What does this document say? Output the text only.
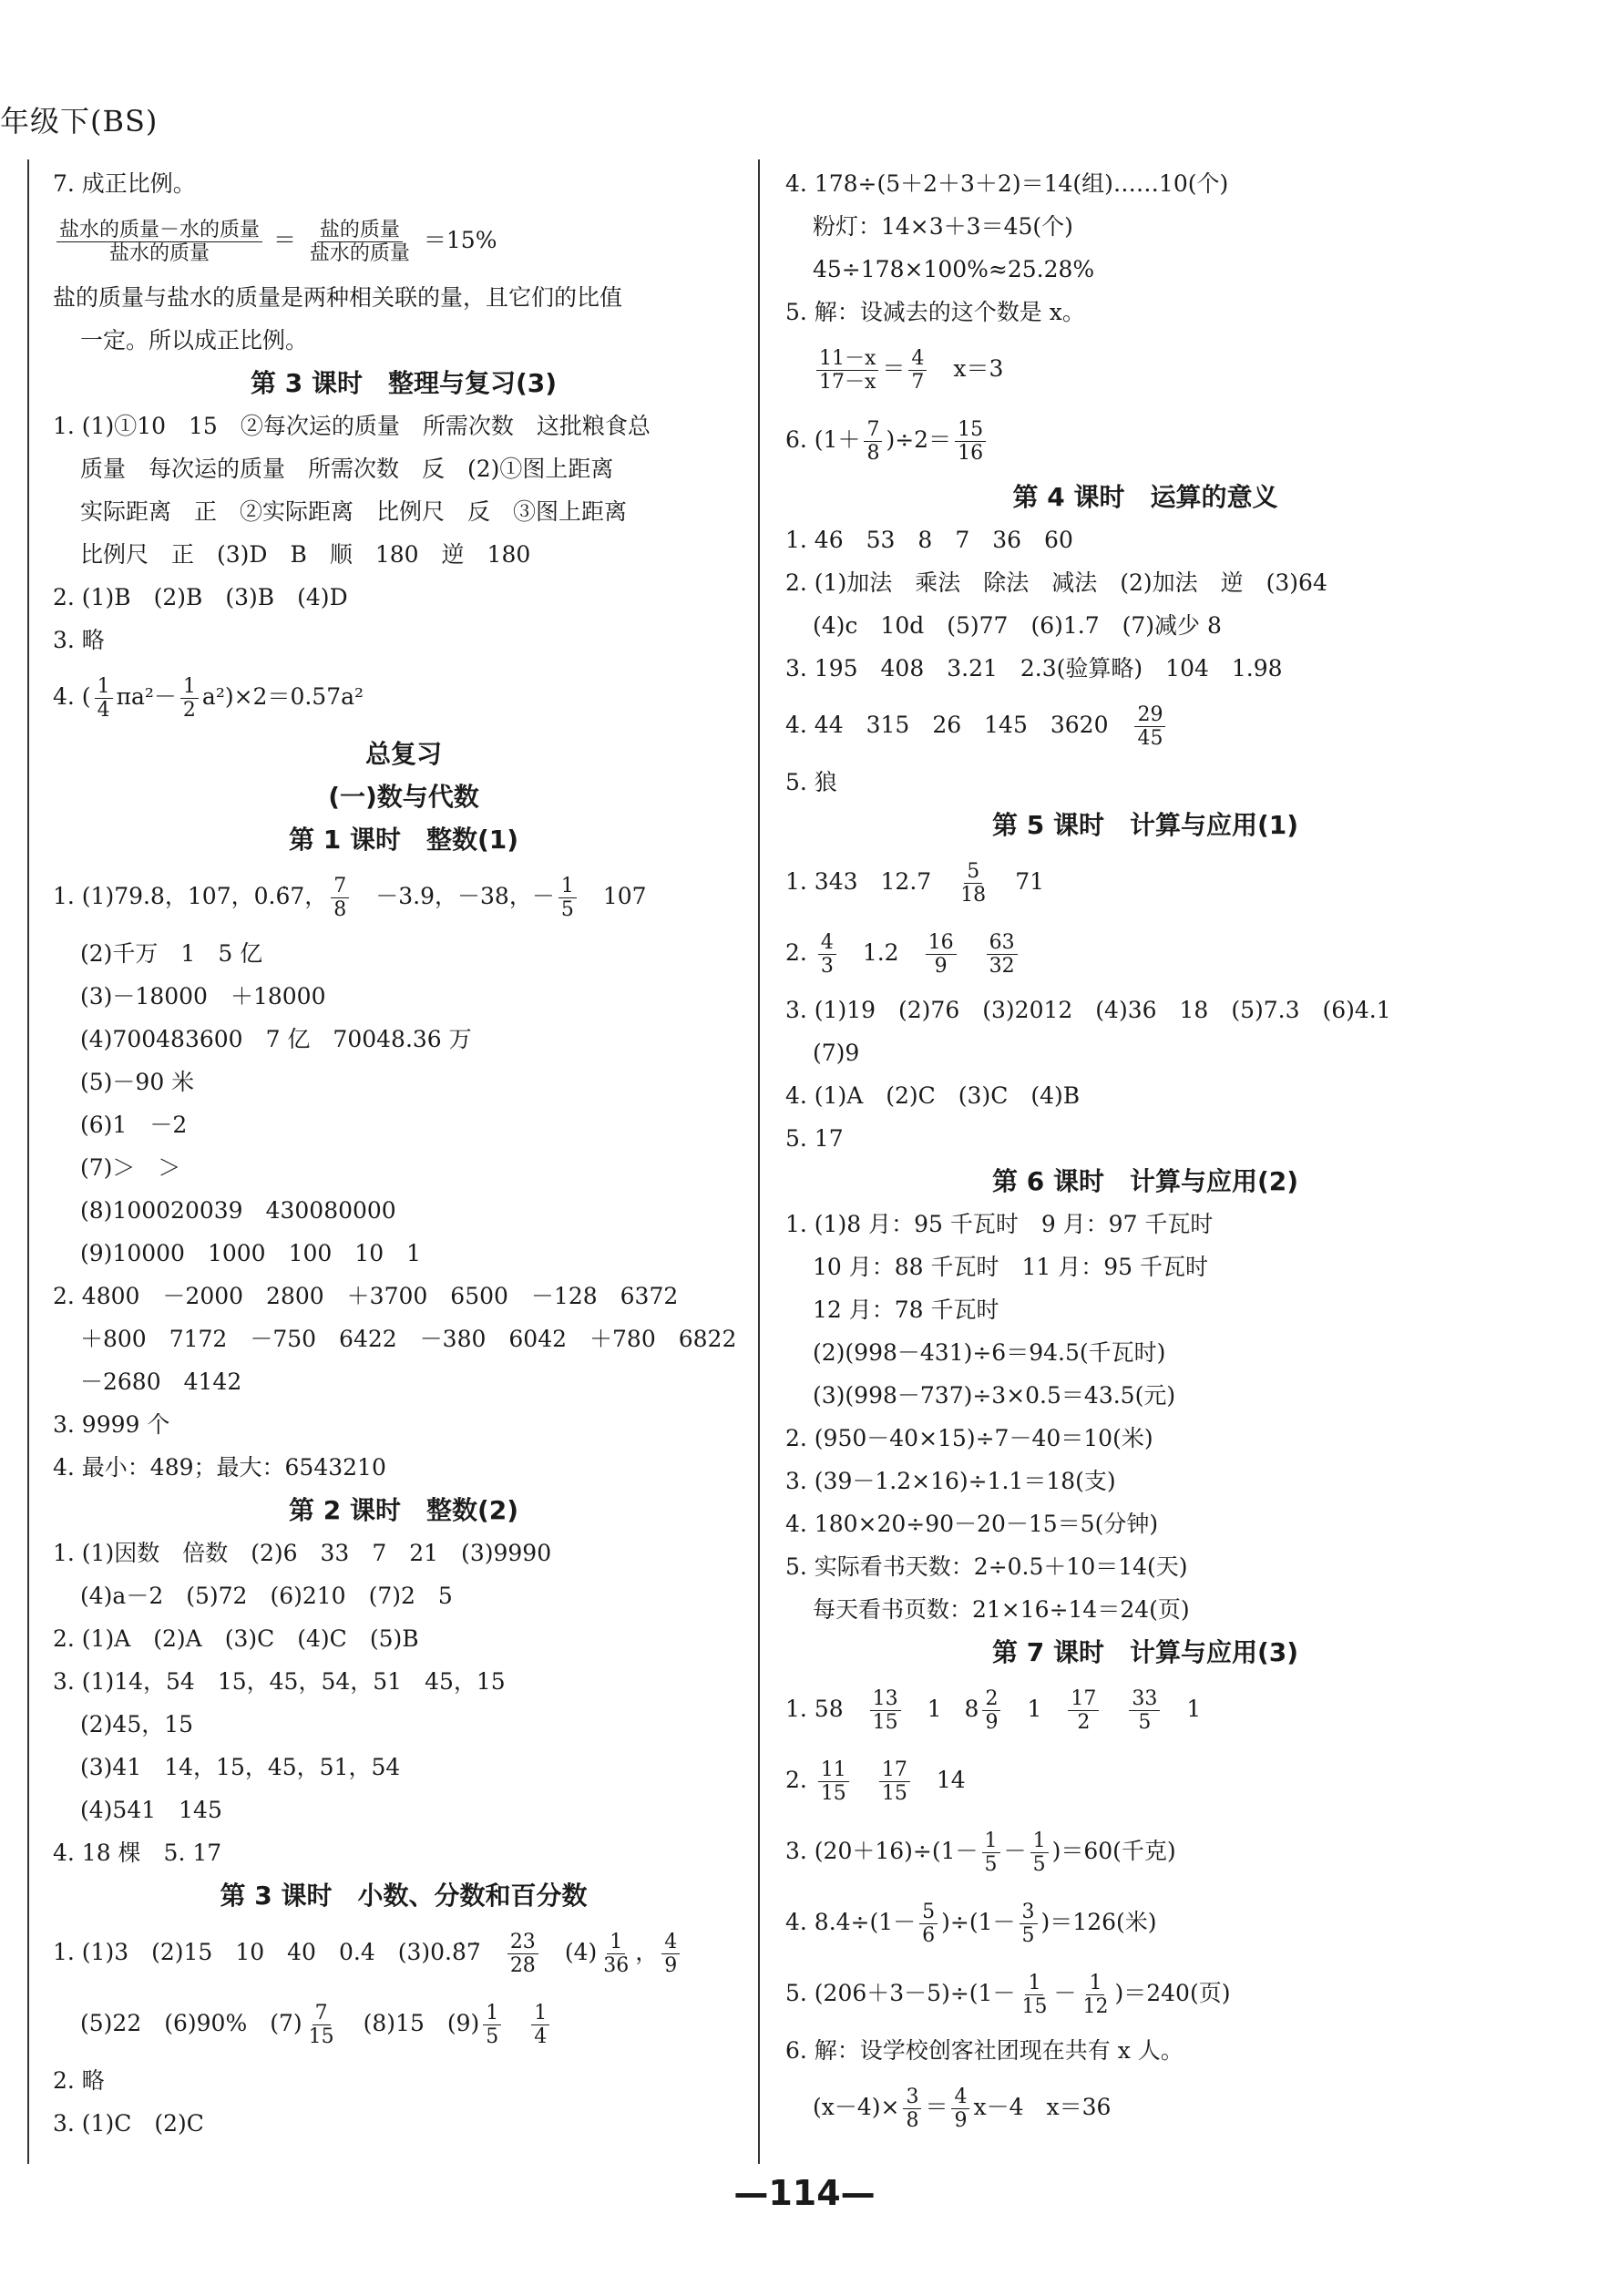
年级下(BS)
7. 成正比例。
盐水的质量－水的质量
盐水的质量
＝ 盐的质量
盐水的质量
＝15%
盐的质量与盐水的质量是两种相关联的量，且它们的比值
一定。所以成正比例。
第 3 课时　整理与复习(3)
1. (1)①10　15　②每次运的质量　所需次数　这批粮食总
质量　每次运的质量　所需次数　反　(2)①图上距离
实际距离　正　②实际距离　比例尺　反　③图上距离
比例尺　正　(3)D　B　顺　180　逆　180
2. (1)B　(2)B　(3)B　(4)D
3. 略
4. ( $\frac{1}{4} \pi a^2- \frac{1}{2} a^2)\times 2=0.57a^2$
总复习
(一)数与代数
第 1 课时　整数(1)
1. (1)79.8，107，0.6̇7， $\frac{7}{8}$ 　－3.9，－38，－ $\frac{1}{5}$ 　107
(2)千万　1　5 亿
(3)－18000　＋18000
(4)700483600　7 亿　70048.36 万
(5)－90 米
(6)1　－2
(7)＞　＞
(8)100020039　430080000
(9)10000　1000　100　10　1
2. 4800　－2000　2800　＋3700　6500　－128　6372
＋800　7172　－750　6422　－380　6042　＋780　6822
－2680　4142
3. 9999 个
4. 最小：489；最大：6543210
第 2 课时　整数(2)
1. (1)因数　倍数　(2)6　33　7　21　(3)9990
(4)a－2　(5)72　(6)210　(7)2　5
2. (1)A　(2)A　(3)C　(4)C　(5)B
3. (1)14，54　15，45，54，51　45，15
(2)45，15
(3)41　14，15，45，51，54
(4)541　145
4. 18 棵　5. 17
第 3 课时　小数、分数和百分数
1. (1)3　(2)15　10　40　0.4　(3)0.8̇7̇　 $\frac{23}{28}$ 　$(4) \frac{1}{36}$ ， $\frac{4}{9}$
(5)22　(6)90%　$(7) \frac{7}{15}$ 　(8)15　$(9) \frac{1}{5}$
　 $\frac{1}{4}$
2. 略
3. (1)C　(2)C
4. 178÷(5＋2＋3＋2)＝14(组)……10(个)
粉灯：14×3＋3＝45(个)
45÷178×100%≈25.28%
5. 解：设减去的这个数是 x。
$\frac{11-x}{17-x} = \frac{4}{7}$ 　x＝3
6. $(1+ \frac{7}{8} )\div 2= \frac{15}{16}$
第 4 课时　运算的意义
1. 46　53　8　7　36　60
2. (1)加法　乘法　除法　减法　(2)加法　逆　(3)64
(4)c　10d　(5)77　(6)1.7　(7)减少 8
3. 195　408　3.21　2.3(验算略)　104　1.98
4. 44　315　26　145　3620　 $\frac{29}{45}$
5. 狼
第 5 课时　计算与应用(1)
1. 343　12.7　 $\frac{5}{18}$ 　71
2. $\frac{4}{3}$ 　1.2　 $\frac{16}{9}$
　 $\frac{63}{32}$
3. (1)19　(2)76　(3)2012　(4)36　18　(5)7.3　(6)4.1
(7)9
4. (1)A　(2)C　(3)C　(4)B
5. 17
第 6 课时　计算与应用(2)
1. (1)8 月：95 千瓦时　9 月：97 千瓦时
10 月：88 千瓦时　11 月：95 千瓦时
12 月：78 千瓦时
(2)(998－431)÷6＝94.5(千瓦时)
(3)(998－737)÷3×0.5＝43.5(元)
2. (950－40×15)÷7－40＝10(米)
3. (39－1.2×16)÷1.1＝18(支)
4. 180×20÷90－20－15＝5(分钟)
5. 实际看书天数：2÷0.5＋10＝14(天)
每天看书页数：21×16÷14＝24(页)
第 7 课时　计算与应用(3)
1. 58　 $\frac{13}{15}$ 　1　$8 \frac{2}{9}$ 　1　 $\frac{17}{2}$
　 $\frac{33}{5}$ 　1
2. $\frac{11}{15}$
　 $\frac{17}{15}$ 　14
3. $(20+16)\div(1- \frac{1}{5} - \frac{1}{5} )=60$(千克)
4. $8.4\div(1- \frac{5}{6} )\div(1- \frac{3}{5} )=126$(米)
5. $(206+3-5)\div(1- \frac{1}{15} - \frac{1}{12} )=240$(页)
6. 解：设学校创客社团现在共有 x 人。
$(x-4)\times \frac{3}{8} = \frac{4}{9} x-4$　x＝36
—114—
